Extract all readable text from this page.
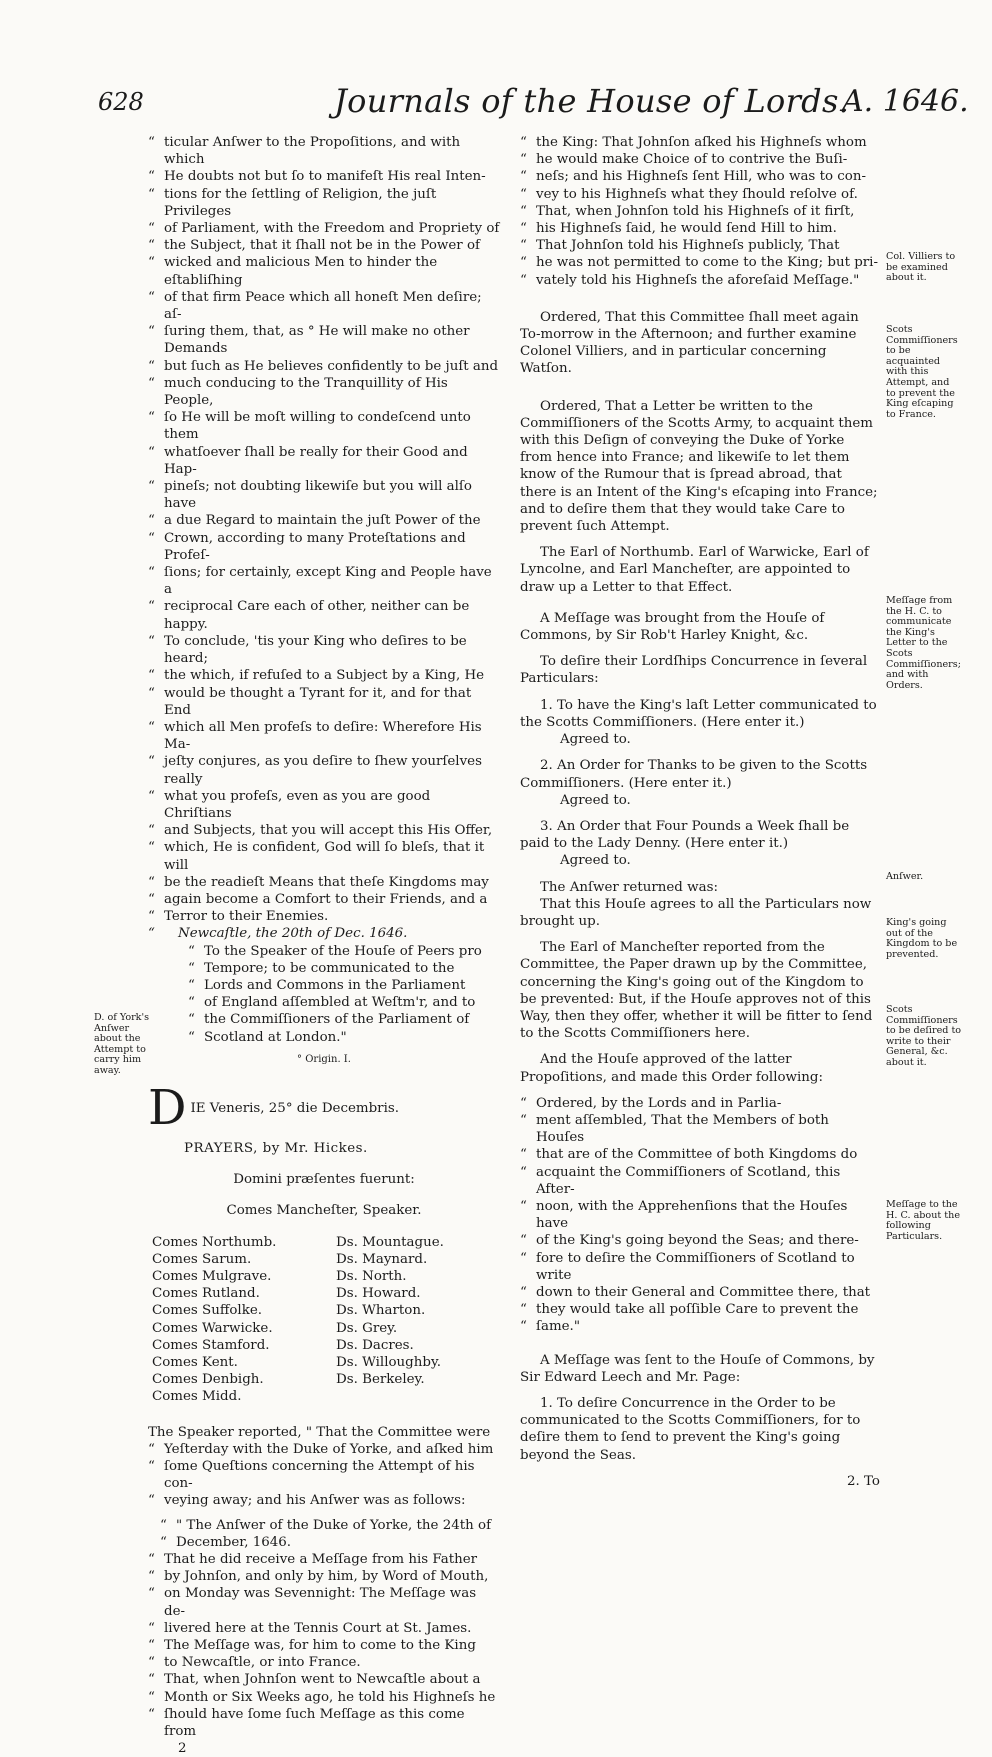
628	Journals of the House of Lords.
A. 1646.

“ ticular Anſwer to the Propoſitions, and with which

“ He doubts not but ſo to manifeſt His real Inten-

“ tions for the ſettling of Religion, the juſt Privileges

“ of Parliament, with the Freedom and Propriety of

“ the Subject, that it ſhall not be in the Power of

“ wicked and malicious Men to hinder the eſtabliſhing

“ of that firm Peace which all honeſt Men deſire; aſ-

“ ſuring them, that, as ° He will make no other Demands

“ but ſuch as He believes confidently to be juſt and

“ much conducing to the Tranquillity of His People,

“ ſo He will be moſt willing to condeſcend unto them

“ whatſoever ſhall be really for their Good and Hap-

“ pineſs; not doubting likewiſe but you will alſo have

“ a due Regard to maintain the juſt Power of the

“ Crown, according to many Proteſtations and Profeſ-

“ ſions; for certainly, except King and People have a

“ reciprocal Care each of other, neither can be happy.

“ To conclude, 'tis your King who deſires to be heard;

“ the which, if refuſed to a Subject by a King, He

“ would be thought a Tyrant for it, and for that End

“ which all Men profeſs to deſire: Wherefore His Ma-

“ jeſty conjures, as you deſire to ſhew yourſelves really

“ what you profeſs, even as you are good Chriſtians

“ and Subjects, that you will accept this His Offer,

“ which, He is confident, God will ſo bleſs, that it will

“ be the readieſt Means that theſe Kingdoms may

“ again become a Comfort to their Friends, and a

“ Terror to their Enemies.

“ Newcaſtle, the 20th of Dec. 1646.

“ To the Speaker of the Houſe of Peers pro

“ Tempore; to be communicated to the

“ Lords and Commons in the Parliament

“ of England aſſembled at Weſtm'r, and to

“ the Commiſſioners of the Parliament of

“ Scotland at London."

° Origin. I.

D IE Veneris, 25° die Decembris.

PRAYERS, by Mr. Hickes.

Domini præſentes fuerunt:

Comes Mancheſter, Speaker.

Comes Northumb.

Comes Sarum.

Comes Mulgrave.

Comes Rutland.

Comes Suffolke.

Comes Warwicke.

Comes Stamford.

Comes Kent.

Comes Denbigh.

Comes Midd.

Ds. Mountague.

Ds. Maynard.

Ds. North.

Ds. Howard.

Ds. Wharton.

Ds. Grey.

Ds. Dacres.

Ds. Willoughby.

Ds. Berkeley.

The Speaker reported, " That the Committee were

“ Yeſterday with the Duke of Yorke, and aſked him

“ ſome Queſtions concerning the Attempt of his con-

“ veying away; and his Anſwer was as follows:

“ " The Anſwer of the Duke of Yorke, the 24th of

“ December, 1646.

“ That he did receive a Meſſage from his Father

“ by Johnſon, and only by him, by Word of Mouth,

“ on Monday was Sevennight: The Meſſage was de-

“ livered here at the Tennis Court at St. James.

“ The Meſſage was, for him to come to the King

“ to Newcaſtle, or into France.

“ That, when Johnſon went to Newcaſtle about a

“ Month or Six Weeks ago, he told his Highneſs he

“ ſhould have ſome ſuch Meſſage as this come from

2

“ the King: That Johnſon aſked his Highneſs whom

“ he would make Choice of to contrive the Buſi-

“ neſs; and his Highneſs ſent Hill, who was to con-

“ vey to his Highneſs what they ſhould reſolve of.

“ That, when Johnſon told his Highneſs of it firſt,

“ his Highneſs ſaid, he would ſend Hill to him.

“ That Johnſon told his Highneſs publicly, That

“ he was not permitted to come to the King; but pri-

“ vately told his Highneſs the aforeſaid Meſſage."

Ordered, That this Committee ſhall meet again To-morrow in the Afternoon; and further examine Colonel Villiers, and in particular concerning Watſon.

Ordered, That a Letter be written to the Commiſſioners of the Scotts Army, to acquaint them with this Deſign of conveying the Duke of Yorke from hence into France; and likewiſe to let them know of the Rumour that is ſpread abroad, that there is an Intent of the King's eſcaping into France; and to deſire them that they would take Care to prevent ſuch Attempt.

The Earl of Northumb. Earl of Warwicke, Earl of Lyncolne, and Earl Mancheſter, are appointed to draw up a Letter to that Effect.

A Meſſage was brought from the Houſe of Commons, by Sir Rob't Harley Knight, &c.

To deſire their Lordſhips Concurrence in ſeveral Particulars:

1. To have the King's laſt Letter communicated to the Scotts Commiſſioners. (Here enter it.)

Agreed to.

2. An Order for Thanks to be given to the Scotts Commiſſioners. (Here enter it.)

Agreed to.

3. An Order that Four Pounds a Week ſhall be paid to the Lady Denny. (Here enter it.)

Agreed to.

The Anſwer returned was:

That this Houſe agrees to all the Particulars now brought up.

The Earl of Mancheſter reported from the Committee, the Paper drawn up by the Committee, concerning the King's going out of the Kingdom to be prevented: But, if the Houſe approves not of this Way, then they offer, whether it will be fitter to ſend to the Scotts Commiſſioners here.

And the Houſe approved of the latter Propoſitions, and made this Order following:

“ Ordered, by the Lords and in Parlia-

“ ment aſſembled, That the Members of both Houſes

“ that are of the Committee of both Kingdoms do

“ acquaint the Commiſſioners of Scotland, this After-

“ noon, with the Apprehenſions that the Houſes have

“ of the King's going beyond the Seas; and there-

“ fore to deſire the Commiſſioners of Scotland to write

“ down to their General and Committee there, that

“ they would take all poſſible Care to prevent the

“ ſame."

A Meſſage was ſent to the Houſe of Commons, by Sir Edward Leech and Mr. Page:

1. To deſire Concurrence in the Order to be communicated to the Scotts Commiſſioners, for to deſire them to ſend to prevent the King's going beyond the Seas.

2. To

D. of York's Anſwer about the Attempt to carry him away.
Col. Villiers to be examined about it.
Scots Commiſſioners to be acquainted with this Attempt, and to prevent the King eſcaping to France.
Meſſage from the H. C. to communicate the King's Letter to the Scots Commiſſioners; and with Orders.
Anſwer.
King's going out of the Kingdom to be prevented.
Scots Commiſſioners to be deſired to write to their General, &c. about it.
Meſſage to the H. C. about the following Particulars.
